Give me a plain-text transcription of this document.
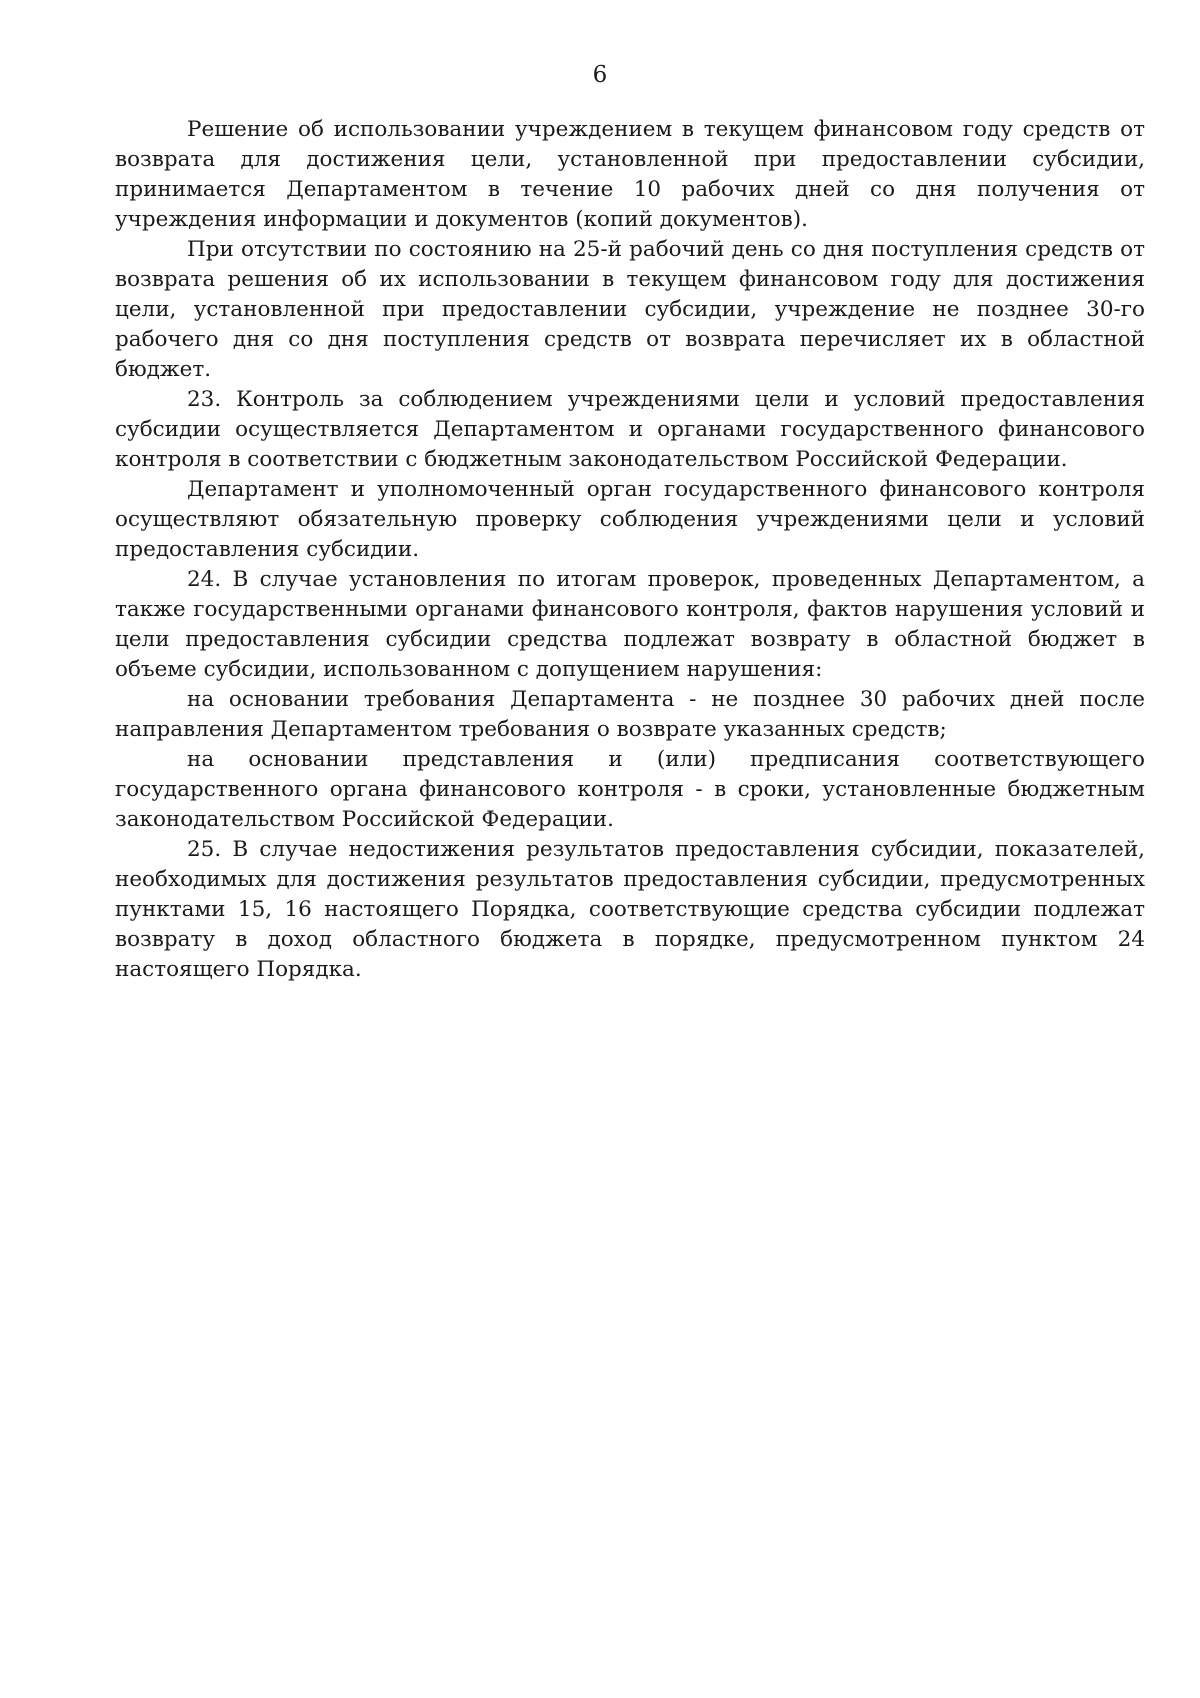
6

Решение об использовании учреждением в текущем финансовом году средств от возврата для достижения цели, установленной при предоставлении субсидии, принимается Департаментом в течение 10 рабочих дней со дня получения от учреждения информации и документов (копий документов).

При отсутствии по состоянию на 25-й рабочий день со дня поступления средств от возврата решения об их использовании в текущем финансовом году для достижения цели, установленной при предоставлении субсидии, учреждение не позднее 30-го рабочего дня со дня поступления средств от возврата перечисляет их в областной бюджет.

23. Контроль за соблюдением учреждениями цели и условий предоставления субсидии осуществляется Департаментом и органами государственного финансового контроля в соответствии с бюджетным законодательством Российской Федерации.

Департамент и уполномоченный орган государственного финансового контроля осуществляют обязательную проверку соблюдения учреждениями цели и условий предоставления субсидии.

24. В случае установления по итогам проверок, проведенных Департаментом, а также государственными органами финансового контроля, фактов нарушения условий и цели предоставления субсидии средства подлежат возврату в областной бюджет в объеме субсидии, использованном с допущением нарушения:

на основании требования Департамента - не позднее 30 рабочих дней после направления Департаментом требования о возврате указанных средств;

на основании представления и (или) предписания соответствующего государственного органа финансового контроля - в сроки, установленные бюджетным законодательством Российской Федерации.

25. В случае недостижения результатов предоставления субсидии, показателей, необходимых для достижения результатов предоставления субсидии, предусмотренных пунктами 15, 16 настоящего Порядка, соответствующие средства субсидии подлежат возврату в доход областного бюджета в порядке, предусмотренном пунктом 24 настоящего Порядка.
